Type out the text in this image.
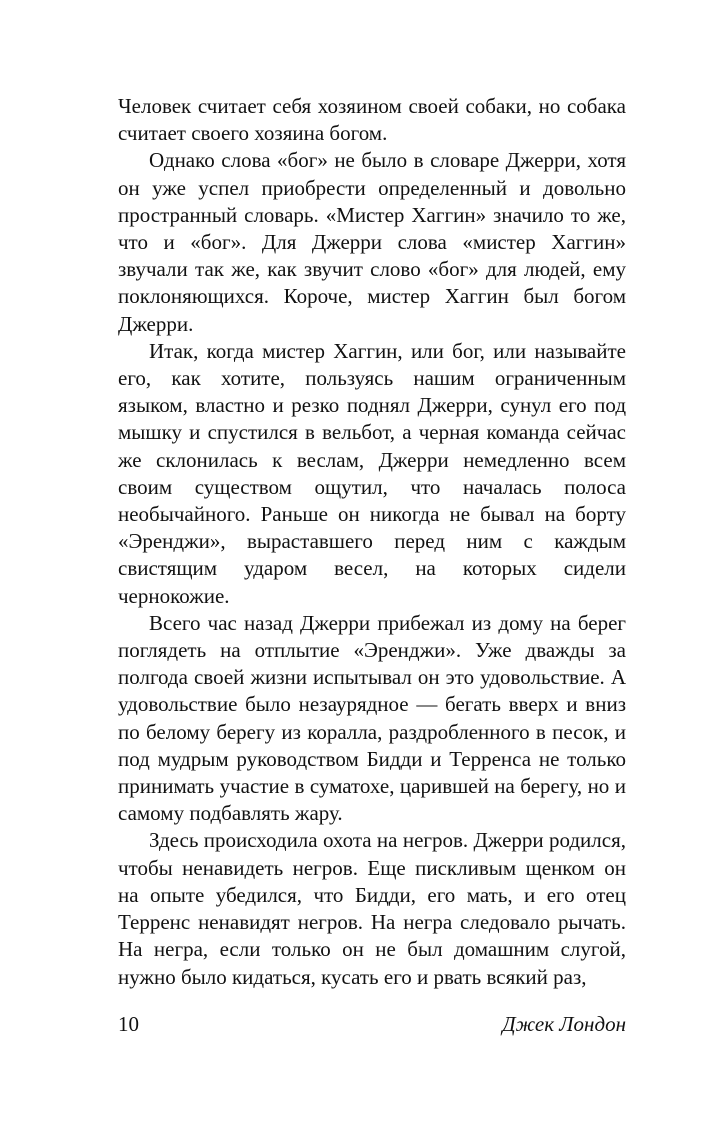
Человек считает себя хозяином своей собаки, но собака считает своего хозяина богом.

Однако слова «бог» не было в словаре Джерри, хотя он уже успел приобрести определенный и довольно пространный словарь. «Мистер Хаггин» значило то же, что и «бог». Для Джерри слова «мистер Хаггин» звучали так же, как звучит слово «бог» для людей, ему поклоняющихся. Короче, мистер Хаггин был богом Джерри.

Итак, когда мистер Хаггин, или бог, или называйте его, как хотите, пользуясь нашим ограниченным языком, властно и резко поднял Джерри, сунул его под мышку и спустился в вельбот, а черная команда сейчас же склонилась к веслам, Джерри немедленно всем своим существом ощутил, что началась полоса необычайного. Раньше он никогда не бывал на борту «Эренджи», выраставшего перед ним с каждым свистящим ударом весел, на которых сидели чернокожие.

Всего час назад Джерри прибежал из дому на берег поглядеть на отплытие «Эренджи». Уже дважды за полгода своей жизни испытывал он это удовольствие. А удовольствие было незаурядное — бегать вверх и вниз по белому берегу из коралла, раздробленного в песок, и под мудрым руководством Бидди и Терренса не только принимать участие в суматохе, царившей на берегу, но и самому подбавлять жару.

Здесь происходила охота на негров. Джерри родился, чтобы ненавидеть негров. Еще пискливым щенком он на опыте убедился, что Бидди, его мать, и его отец Терренс ненавидят негров. На негра следовало рычать. На негра, если только он не был домашним слугой, нужно было кидаться, кусать его и рвать всякий раз,

10	Джек Лондон
